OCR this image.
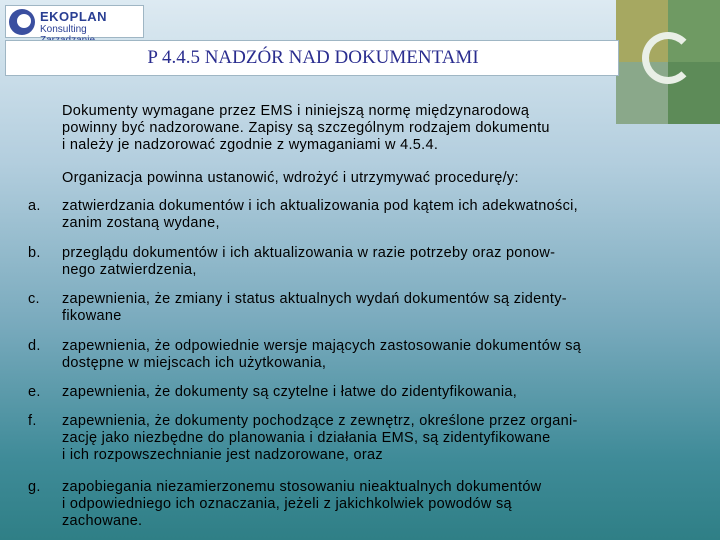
EKOPLAN
Konsulting
P 4.4.5 NADZÓR NAD DOKUMENTAMI
Dokumenty wymagane przez EMS i niniejszą normę międzynarodową
powinny być nadzorowane. Zapisy są szczególnym rodzajem dokumentu
i należy je nadzorować zgodnie z wymaganiami w 4.5.4.
Organizacja powinna ustanowić, wdrożyć i utrzymywać procedurę/y:
a. zatwierdzania dokumentów i ich aktualizowania pod kątem ich adekwatności,
zanim zostaną wydane,
b. przeglądu dokumentów i ich aktualizowania w razie potrzeby oraz ponow-
nego zatwierdzenia,
c. zapewnienia, że zmiany i status aktualnych wydań dokumentów są zidenty-
fikowane
d. zapewnienia, że odpowiednie wersje mających zastosowanie dokumentów są
dostępne w miejscach ich użytkowania,
e. zapewnienia, że dokumenty są czytelne i łatwe do zidentyfikowania,
f. zapewnienia, że dokumenty pochodzące z zewnętrz, określone przez organi-
zację jako niezbędne do planowania i działania EMS, są zidentyfikowane
i ich rozpowszechnianie jest nadzorowane, oraz
g. zapobiegania niezamierzonemu stosowaniu nieaktualnych dokumentów
i odpowiedniego ich oznaczania, jeżeli z jakichkolwiek powodów są
zachowane.
